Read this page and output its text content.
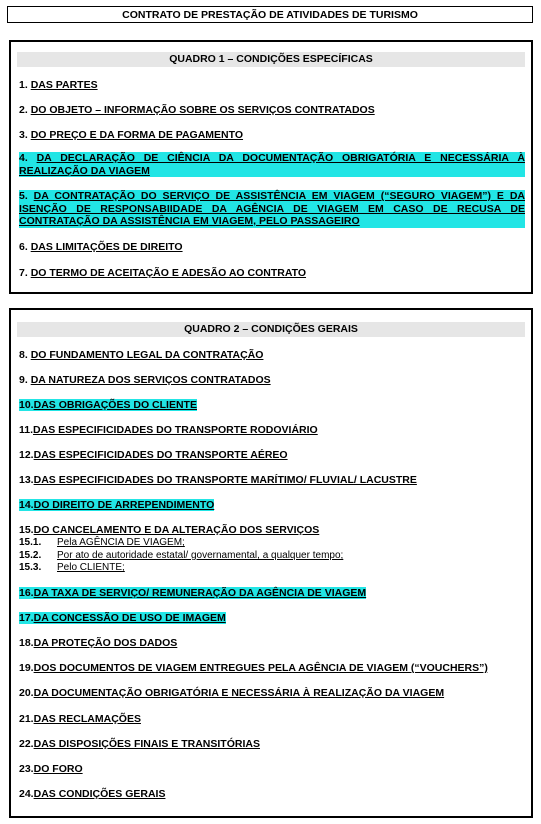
CONTRATO DE PRESTAÇÃO DE ATIVIDADES DE TURISMO
QUADRO 1 – CONDIÇÕES ESPECÍFICAS
1. DAS PARTES
2. DO OBJETO – INFORMAÇÃO SOBRE OS SERVIÇOS CONTRATADOS
3. DO PREÇO E DA FORMA DE PAGAMENTO
4. DA DECLARAÇÃO DE CIÊNCIA DA DOCUMENTAÇÃO OBRIGATÓRIA E NECESSÁRIA À REALIZAÇÃO DA VIAGEM
5. DA CONTRATAÇÃO DO SERVIÇO DE ASSISTÊNCIA EM VIAGEM (“SEGURO VIAGEM”) E DA ISENÇÃO DE RESPONSABIIDADE DA AGÊNCIA DE VIAGEM EM CASO DE RECUSA DE CONTRATAÇÃO DA ASSISTÊNCIA EM VIAGEM, PELO PASSAGEIRO
6. DAS LIMITAÇÕES DE DIREITO
7. DO TERMO DE ACEITAÇÃO E ADESÃO AO CONTRATO
QUADRO 2 – CONDIÇÕES GERAIS
8. DO FUNDAMENTO LEGAL DA CONTRATAÇÃO
9. DA NATUREZA DOS SERVIÇOS CONTRATADOS
10.DAS OBRIGAÇÕES DO CLIENTE
11.DAS ESPECIFICIDADES DO TRANSPORTE RODOVIÁRIO
12.DAS ESPECIFICIDADES DO TRANSPORTE AÉREO
13.DAS ESPECIFICIDADES DO TRANSPORTE MARÍTIMO/ FLUVIAL/ LACUSTRE
14.DO DIREITO DE ARREPENDIMENTO
15.DO CANCELAMENTO E DA ALTERAÇÃO DOS SERVIÇOS
15.1. Pela AGÊNCIA DE VIAGEM;
15.2. Por ato de autoridade estatal/ governamental, a qualquer tempo;
15.3. Pelo CLIENTE;
16.DA TAXA DE SERVIÇO/ REMUNERAÇÃO DA AGÊNCIA DE VIAGEM
17.DA CONCESSÃO DE USO DE IMAGEM
18.DA PROTEÇÃO DOS DADOS
19.DOS DOCUMENTOS DE VIAGEM ENTREGUES PELA AGÊNCIA DE VIAGEM (“VOUCHERS”)
20.DA DOCUMENTAÇÃO OBRIGATÓRIA E NECESSÁRIA À REALIZAÇÃO DA VIAGEM
21.DAS RECLAMAÇÕES
22.DAS DISPOSIÇÕES FINAIS E TRANSITÓRIAS
23.DO FORO
24.DAS CONDIÇÕES GERAIS
